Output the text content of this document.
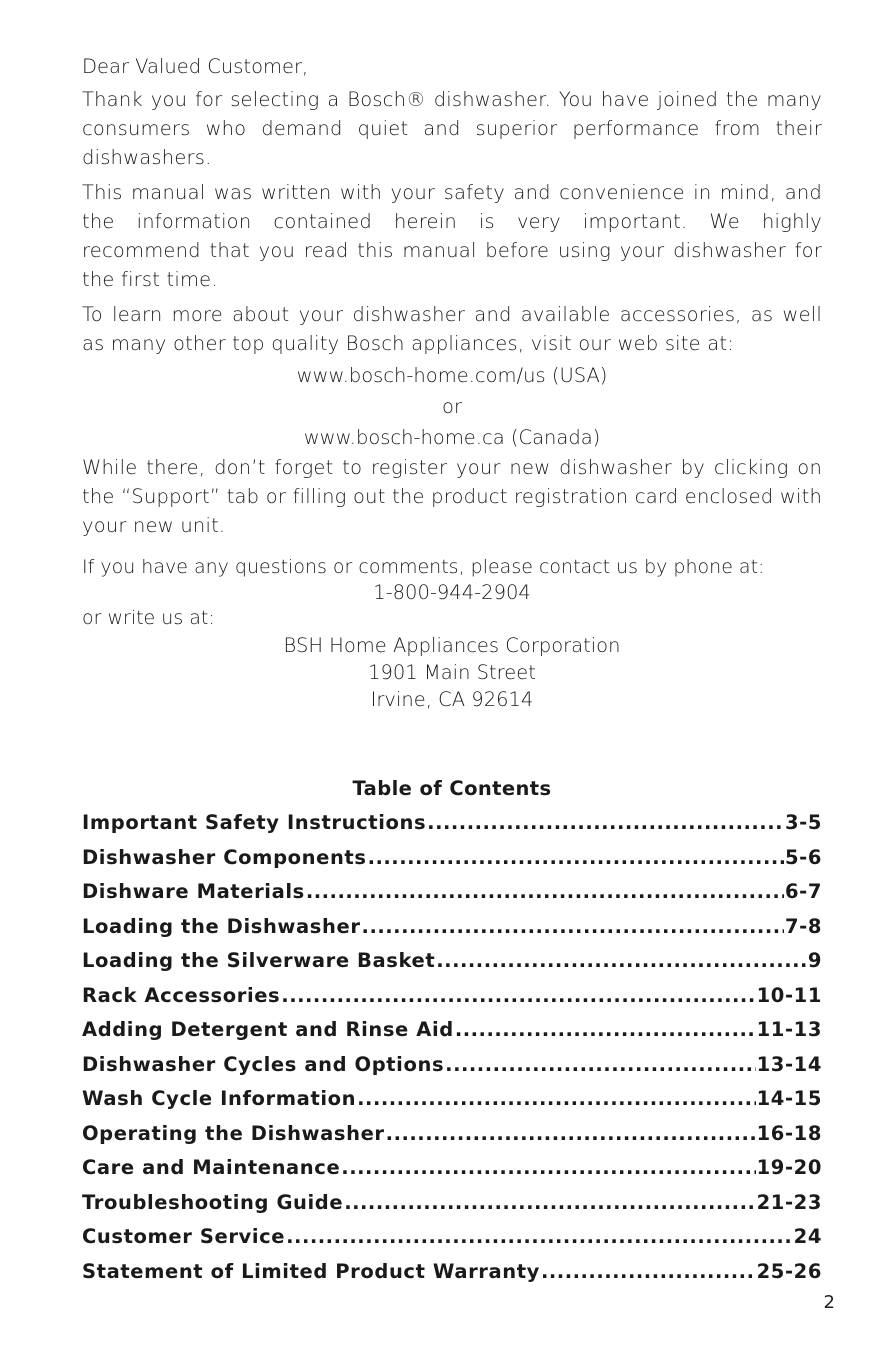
Dear Valued Customer,

Thank you for selecting a Bosch® dishwasher. You have joined the many consumers who demand quiet and superior performance from their dishwashers.

This manual was written with your safety and convenience in mind, and the information contained herein is very important. We highly recommend that you read this manual before using your dishwasher for the first time.

To learn more about your dishwasher and available accessories, as well as many other top quality Bosch appliances, visit our web site at:

www.bosch-home.com/us (USA)

or

www.bosch-home.ca (Canada)

While there, don’t forget to register your new dishwasher by clicking on the “Support” tab or filling out the product registration card enclosed with your new unit.

If you have any questions or comments, please contact us by phone at:

1-800-944-2904

or write us at:

BSH Home Appliances Corporation

1901 Main Street

Irvine, CA 92614

Table of Contents
Important Safety Instructions .....	3-5
Dishwasher Components .....	5-6
Dishware Materials .....	6-7
Loading the Dishwasher .....	7-8
Loading the Silverware Basket .....	9
Rack Accessories .....	10-11
Adding Detergent and Rinse Aid .....	11-13
Dishwasher Cycles and Options .....	13-14
Wash Cycle Information .....	14-15
Operating the Dishwasher .....	16-18
Care and Maintenance .....	19-20
Troubleshooting Guide .....	21-23
Customer Service .....	24
Statement of Limited Product Warranty .....	25-26
2
